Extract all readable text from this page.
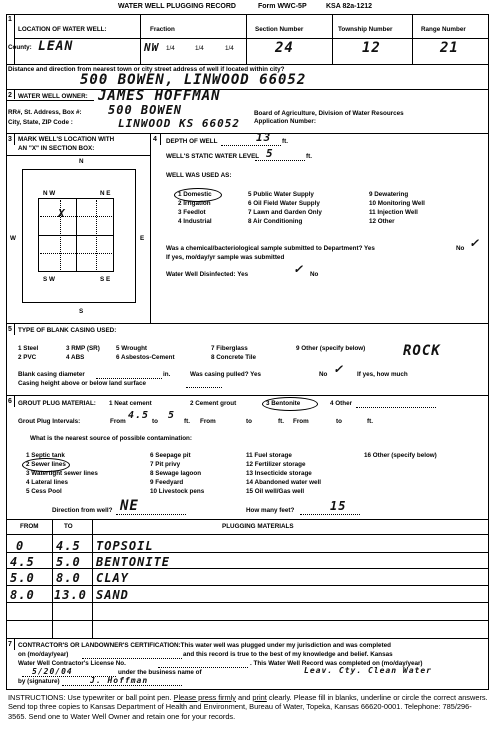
WATER WELL PLUGGING RECORD	Form WWC-5P	KSA 82a-1212
1
LOCATION OF WATER WELL:
County: LEAN
Fraction
NW 1/4	1/4	1/4
Section Number
24
Township Number
12
Range Number
21
Distance and direction from nearest town or city street address of well if located within city?
500 BOWEN, LINWOOD 66052
2 WATER WELL OWNER: JAMES HOFFMAN
RR#, St. Address, Box #: 500 BOWEN
City, State, ZIP Code :	LINWOOD KS 66052
Board of Agriculture, Division of Water Resources
Application Number:
3 MARK WELL'S LOCATION WITH
AN "X" IN SECTION BOX:
N
S
W	E
N W	N E
S W	S E
X
4 DEPTH OF WELL	13 ft.
WELL'S STATIC WATER LEVEL 5	ft.
WELL WAS USED AS:
1 Domestic
2 Irrigation
3 Feedlot
4 Industrial
5 Public Water Supply
6 Oil Field Water Supply
7 Lawn and Garden Only
8 Air Conditioning
9 Dewatering
10 Monitoring Well
11 Injection Well
12 Other
Was a chemical/bacteriological sample submitted to Department? Yes	No ✓
If yes, mo/day/yr sample was submitted
Water Well Disinfected: Yes	✓ No
5 TYPE OF BLANK CASING USED:
1 Steel
2 PVC
3 RMP (SR)
4 ABS
5 Wrought
6 Asbestos-Cement
7 Fiberglass
8 Concrete Tile
9 Other (specify below)	ROCK
Blank casing diameter	in.	Was casing pulled? Yes	No ✓ If yes, how much
Casing height above or below land surface
6 GROUT PLUG MATERIAL: 1 Neat cement	2 Cement grout	3 Bentonite	4 Other
Grout Plug Intervals:	From
4.5
to
5
ft. From	to	ft. From	to	ft.
What is the nearest source of possible contamination:
1 Septic tank
2 Sewer lines
3 Watertight sewer lines
4 Lateral lines
5 Cess Pool
6 Seepage pit
7 Pit privy
8 Sewage lagoon
9 Feedyard
10 Livestock pens
11 Fuel storage
12 Fertilizer storage
13 Insecticide storage
14 Abandoned water well
15 Oil well/Gas well
16 Other (specify below)
Direction from well? NE	How many feet?	15
FROM	TO	PLUGGING MATERIALS
0	4.5 TOPSOIL
4.5 5.0 BENTONITE
5.0 8.0 CLAY
8.0 13.0 SAND
7 CONTRACTOR'S OR LANDOWNER'S CERTIFICATION:This water well was plugged under my jurisdiction and was completed
on (mo/day/year)	and this record is true to the best of my knowledge and belief. Kansas
Water Well Contractor's License No.	. This Water Well Record was completed on (mo/day/year)
5/20/04	under the business name of	Leav. Cty. Clean Water
by (signature)	J. Hoffman
INSTRUCTIONS: Use typewriter or ball point pen. Please press firmly and print clearly. Please fill in blanks, underline or circle the correct answers. Send top three copies to Kansas Department of Health and Environment, Bureau of Water, Topeka, Kansas 66620-0001. Telephone: 785/296-3565. Send one to Water Well Owner and retain one for your records.
